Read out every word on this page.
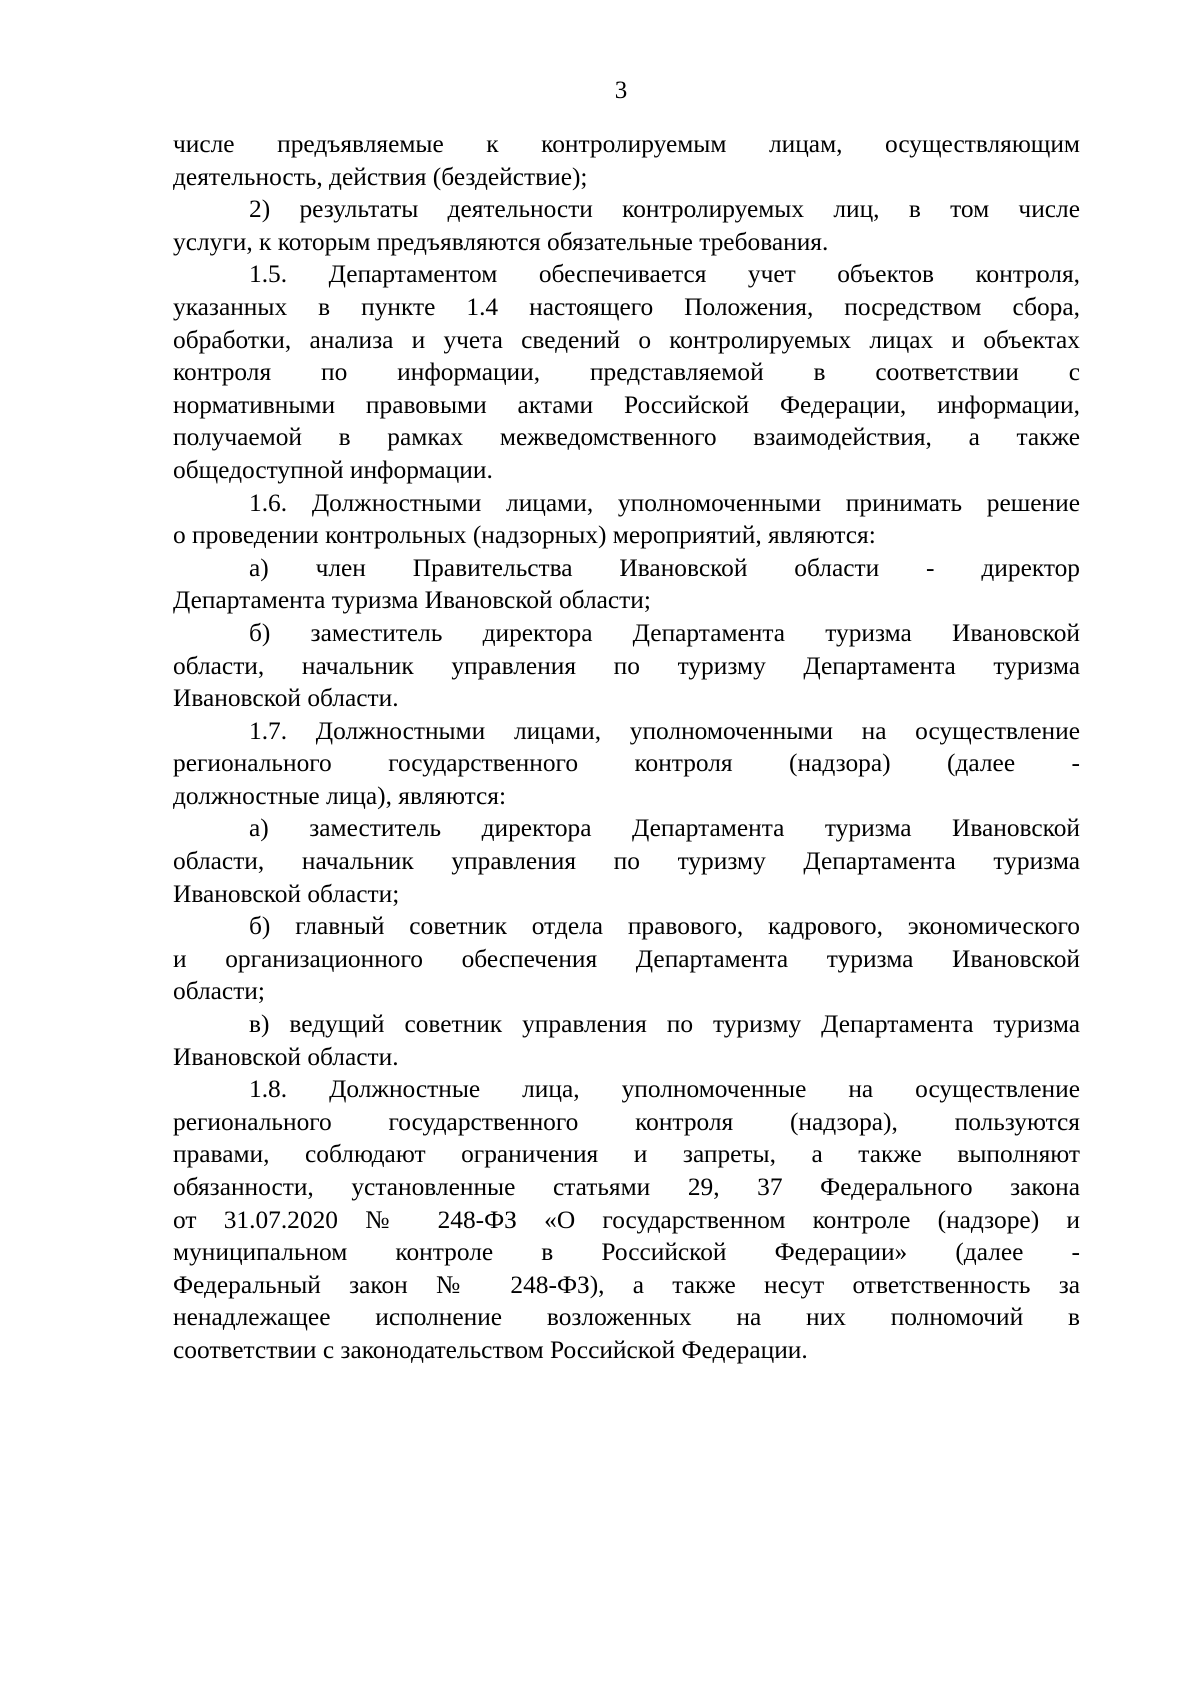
3
числе предъявляемые к контролируемым лицам, осуществляющим
деятельность, действия (бездействие);
2) результаты деятельности контролируемых лиц, в том числе
услуги, к которым предъявляются обязательные требования.
1.5. Департаментом обеспечивается учет объектов контроля,
указанных в пункте 1.4 настоящего Положения, посредством сбора,
обработки, анализа и учета сведений о контролируемых лицах и объектах
контроля по информации, представляемой в соответствии с
нормативными правовыми актами Российской Федерации, информации,
получаемой в рамках межведомственного взаимодействия, а также
общедоступной информации.
1.6. Должностными лицами, уполномоченными принимать решение
о проведении контрольных (надзорных) мероприятий, являются:
а) член Правительства Ивановской области - директор
Департамента туризма Ивановской области;
б) заместитель директора Департамента туризма Ивановской
области, начальник управления по туризму Департамента туризма
Ивановской области.
1.7. Должностными лицами, уполномоченными на осуществление
регионального государственного контроля (надзора) (далее -
должностные лица), являются:
а) заместитель директора Департамента туризма Ивановской
области, начальник управления по туризму Департамента туризма
Ивановской области;
б) главный советник отдела правового, кадрового, экономического
и организационного обеспечения Департамента туризма Ивановской
области;
в) ведущий советник управления по туризму Департамента туризма
Ивановской области.
1.8. Должностные лица, уполномоченные на осуществление
регионального государственного контроля (надзора), пользуются
правами, соблюдают ограничения и запреты, а также выполняют
обязанности, установленные статьями 29, 37 Федерального закона
от 31.07.2020 № 248-ФЗ «О государственном контроле (надзоре) и
муниципальном контроле в Российской Федерации» (далее -
Федеральный закон № 248-ФЗ), а также несут ответственность за
ненадлежащее исполнение возложенных на них полномочий в
соответствии с законодательством Российской Федерации.
